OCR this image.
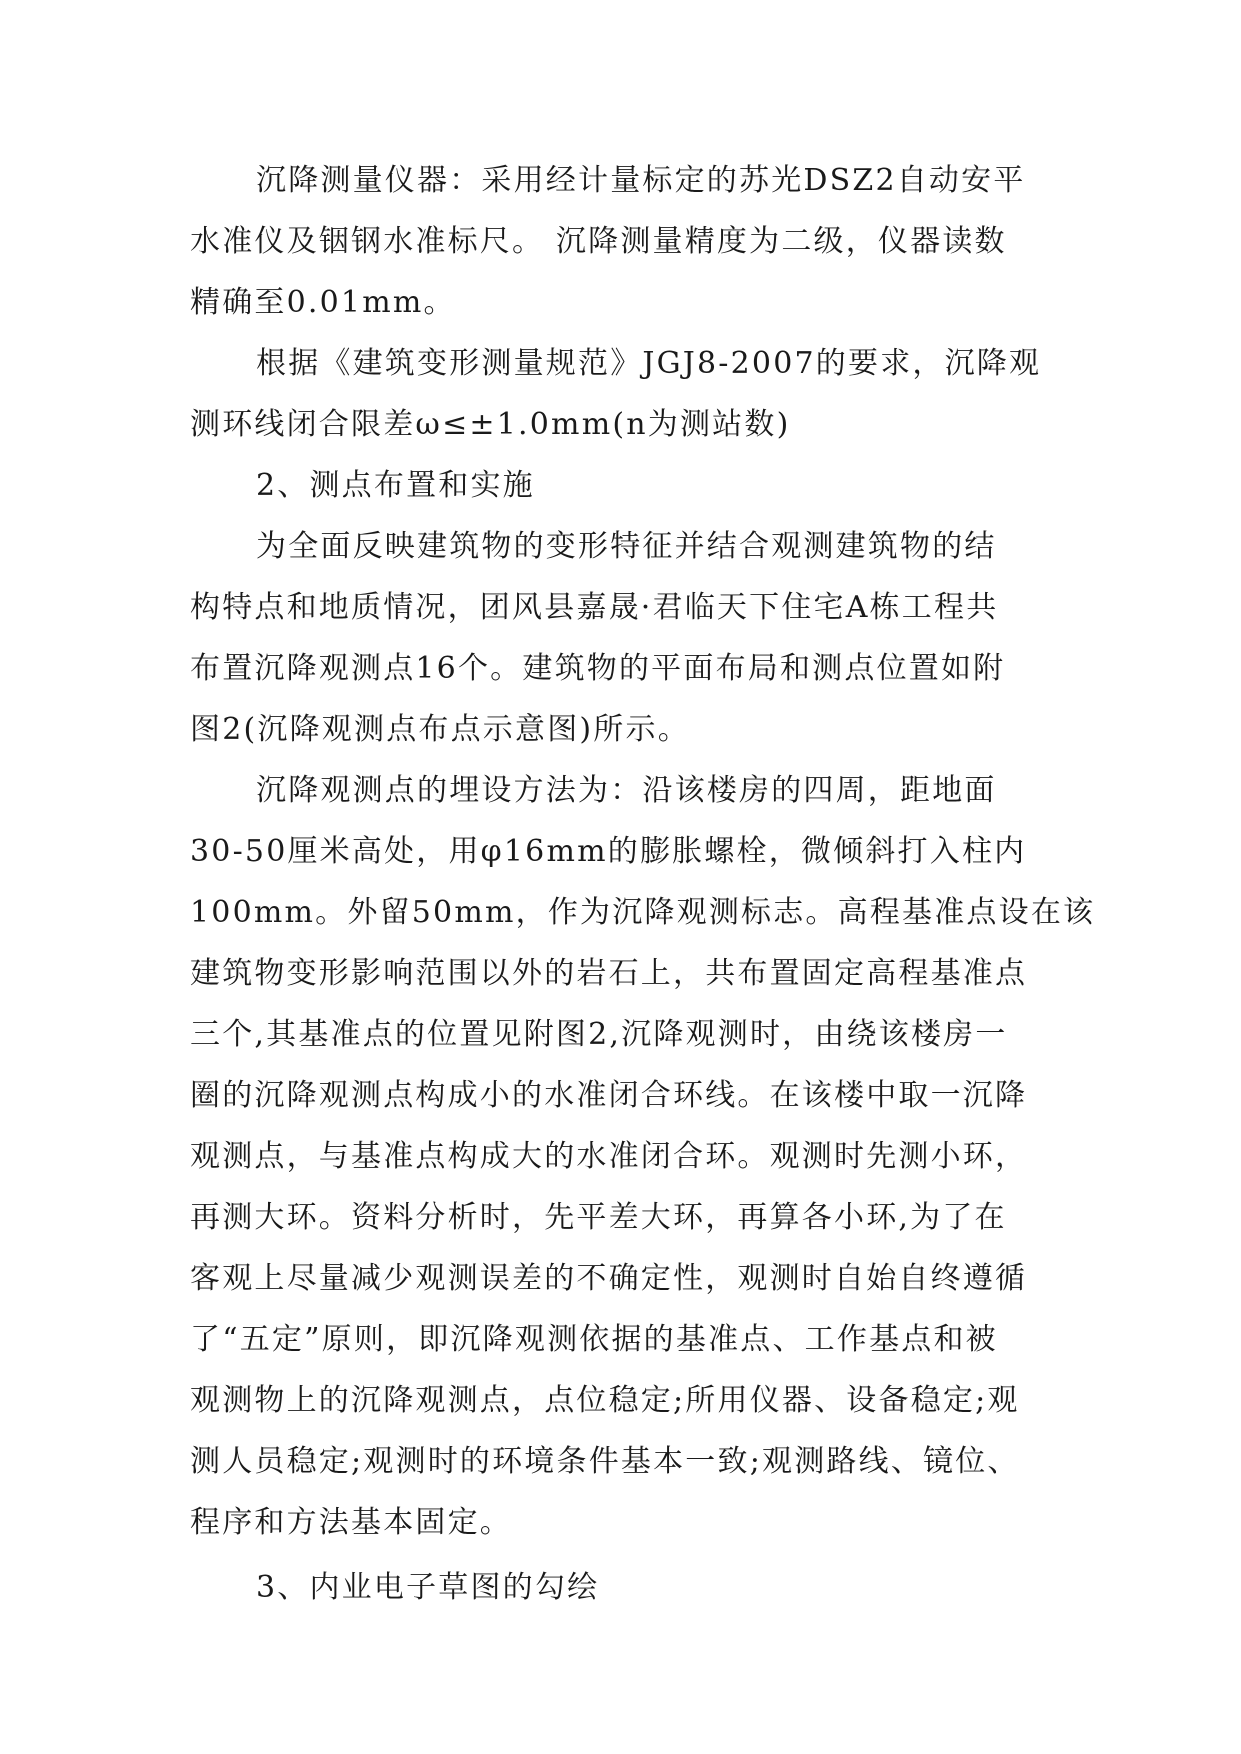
沉降测量仪器：采用经计量标定的苏光DSZ2自动安平
水准仪及铟钢水准标尺。 沉降测量精度为二级，仪器读数
精确至0.01mm。
根据《建筑变形测量规范》JGJ8-2007的要求，沉降观
测环线闭合限差ω≤±1.0mm(n为测站数)
2、测点布置和实施
为全面反映建筑物的变形特征并结合观测建筑物的结
构特点和地质情况，团风县嘉晟·君临天下住宅A栋工程共
布置沉降观测点16个。建筑物的平面布局和测点位置如附
图2(沉降观测点布点示意图)所示。
沉降观测点的埋设方法为：沿该楼房的四周，距地面
30-50厘米高处，用φ16mm的膨胀螺栓，微倾斜打入柱内
100mm。外留50mm，作为沉降观测标志。高程基准点设在该
建筑物变形影响范围以外的岩石上，共布置固定高程基准点
三个,其基准点的位置见附图2,沉降观测时，由绕该楼房一
圈的沉降观测点构成小的水准闭合环线。在该楼中取一沉降
观测点，与基准点构成大的水准闭合环。观测时先测小环，
再测大环。资料分析时，先平差大环，再算各小环,为了在
客观上尽量减少观测误差的不确定性，观测时自始自终遵循
了“五定”原则，即沉降观测依据的基准点、工作基点和被
观测物上的沉降观测点，点位稳定;所用仪器、设备稳定;观
测人员稳定;观测时的环境条件基本一致;观测路线、镜位、
程序和方法基本固定。
3、内业电子草图的勾绘
